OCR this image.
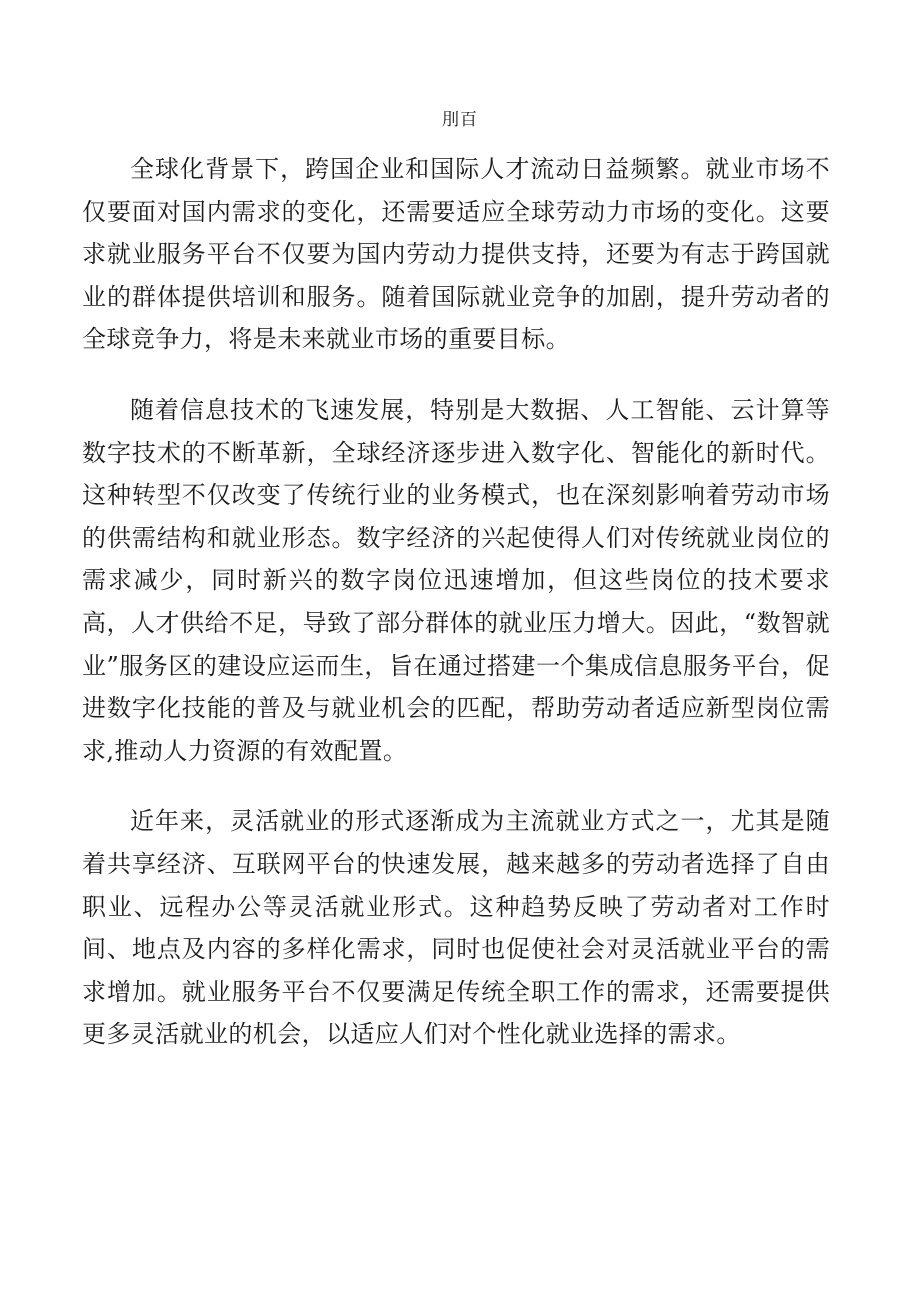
刖百

全球化背景下，跨国企业和国际人才流动日益频繁。就业市场不仅要面对国内需求的变化，还需要适应全球劳动力市场的变化。这要求就业服务平台不仅要为国内劳动力提供支持，还要为有志于跨国就业的群体提供培训和服务。随着国际就业竞争的加剧，提升劳动者的全球竞争力，将是未来就业市场的重要目标。

随着信息技术的飞速发展，特别是大数据、人工智能、云计算等数字技术的不断革新，全球经济逐步进入数字化、智能化的新时代。这种转型不仅改变了传统行业的业务模式，也在深刻影响着劳动市场的供需结构和就业形态。数字经济的兴起使得人们对传统就业岗位的需求减少，同时新兴的数字岗位迅速增加，但这些岗位的技术要求高，人才供给不足，导致了部分群体的就业压力增大。因此，“数智就业”服务区的建设应运而生，旨在通过搭建一个集成信息服务平台，促进数字化技能的普及与就业机会的匹配，帮助劳动者适应新型岗位需求,推动人力资源的有效配置。

近年来，灵活就业的形式逐渐成为主流就业方式之一，尤其是随着共享经济、互联网平台的快速发展，越来越多的劳动者选择了自由职业、远程办公等灵活就业形式。这种趋势反映了劳动者对工作时间、地点及内容的多样化需求，同时也促使社会对灵活就业平台的需求增加。就业服务平台不仅要满足传统全职工作的需求，还需要提供更多灵活就业的机会，以适应人们对个性化就业选择的需求。
